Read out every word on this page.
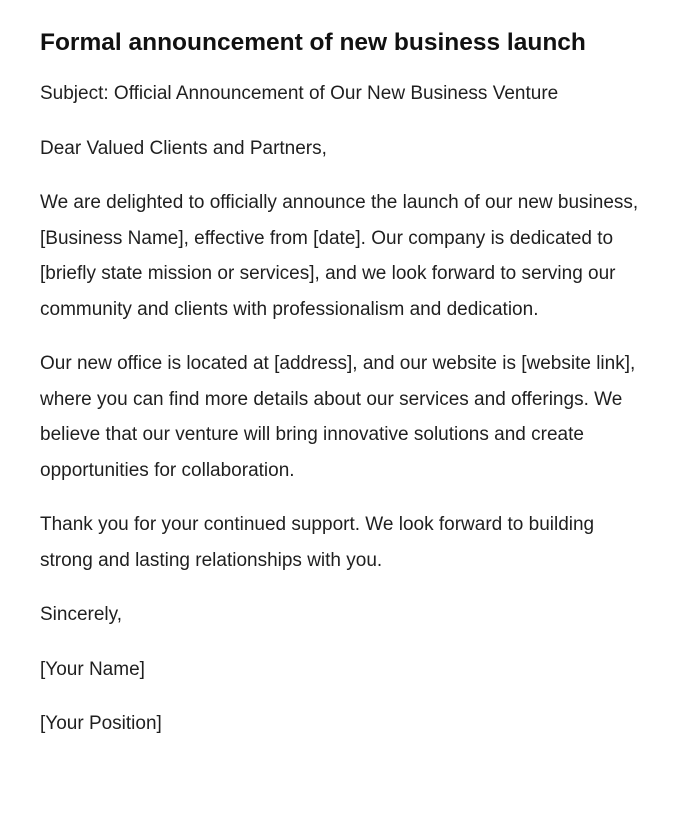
Formal announcement of new business launch

Subject: Official Announcement of Our New Business Venture

Dear Valued Clients and Partners,

We are delighted to officially announce the launch of our new business, [Business Name], effective from [date]. Our company is dedicated to [briefly state mission or services], and we look forward to serving our community and clients with professionalism and dedication.

Our new office is located at [address], and our website is [website link], where you can find more details about our services and offerings. We believe that our venture will bring innovative solutions and create opportunities for collaboration.

Thank you for your continued support. We look forward to building strong and lasting relationships with you.

Sincerely,

[Your Name]

[Your Position]
